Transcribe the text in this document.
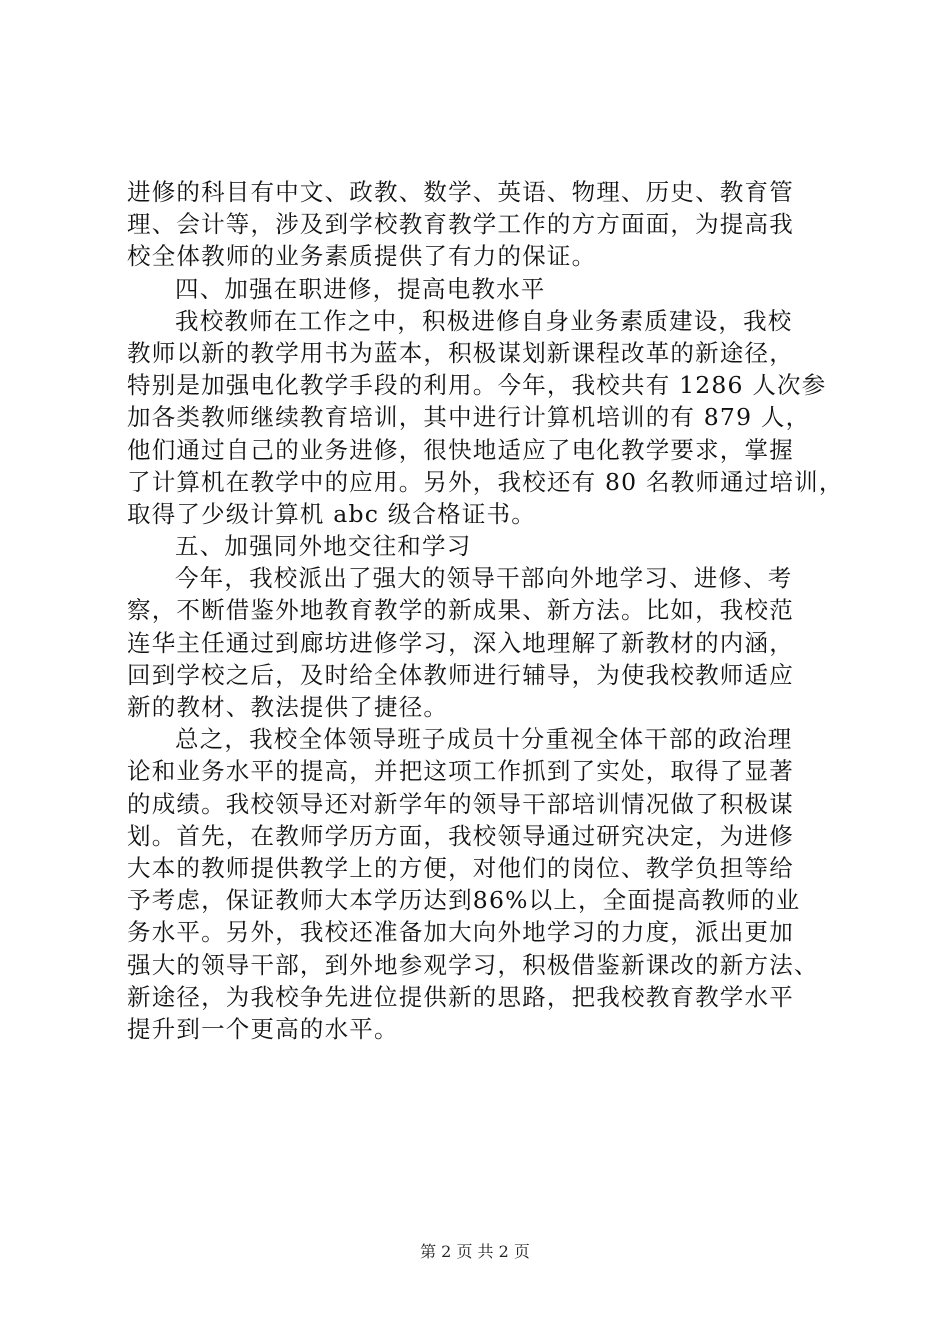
进修的科目有中文、政教、数学、英语、物理、历史、教育管
理、会计等，涉及到学校教育教学工作的方方面面，为提高我
校全体教师的业务素质提供了有力的保证。
四、加强在职进修，提高电教水平
我校教师在工作之中，积极进修自身业务素质建设，我校
教师以新的教学用书为蓝本，积极谋划新课程改革的新途径，
特别是加强电化教学手段的利用。今年，我校共有 1286 人次参
加各类教师继续教育培训，其中进行计算机培训的有 879 人，
他们通过自己的业务进修，很快地适应了电化教学要求，掌握
了计算机在教学中的应用。另外，我校还有 80 名教师通过培训，
取得了少级计算机 abc 级合格证书。
五、加强同外地交往和学习
今年，我校派出了强大的领导干部向外地学习、进修、考
察，不断借鉴外地教育教学的新成果、新方法。比如，我校范
连华主任通过到廊坊进修学习，深入地理解了新教材的内涵，
回到学校之后，及时给全体教师进行辅导，为使我校教师适应
新的教材、教法提供了捷径。
总之，我校全体领导班子成员十分重视全体干部的政治理
论和业务水平的提高，并把这项工作抓到了实处，取得了显著
的成绩。我校领导还对新学年的领导干部培训情况做了积极谋
划。首先，在教师学历方面，我校领导通过研究决定，为进修
大本的教师提供教学上的方便，对他们的岗位、教学负担等给
予考虑，保证教师大本学历达到86%以上，全面提高教师的业
务水平。另外，我校还准备加大向外地学习的力度，派出更加
强大的领导干部，到外地参观学习，积极借鉴新课改的新方法、
新途径，为我校争先进位提供新的思路，把我校教育教学水平
提升到一个更高的水平。
第 2 页 共 2 页
